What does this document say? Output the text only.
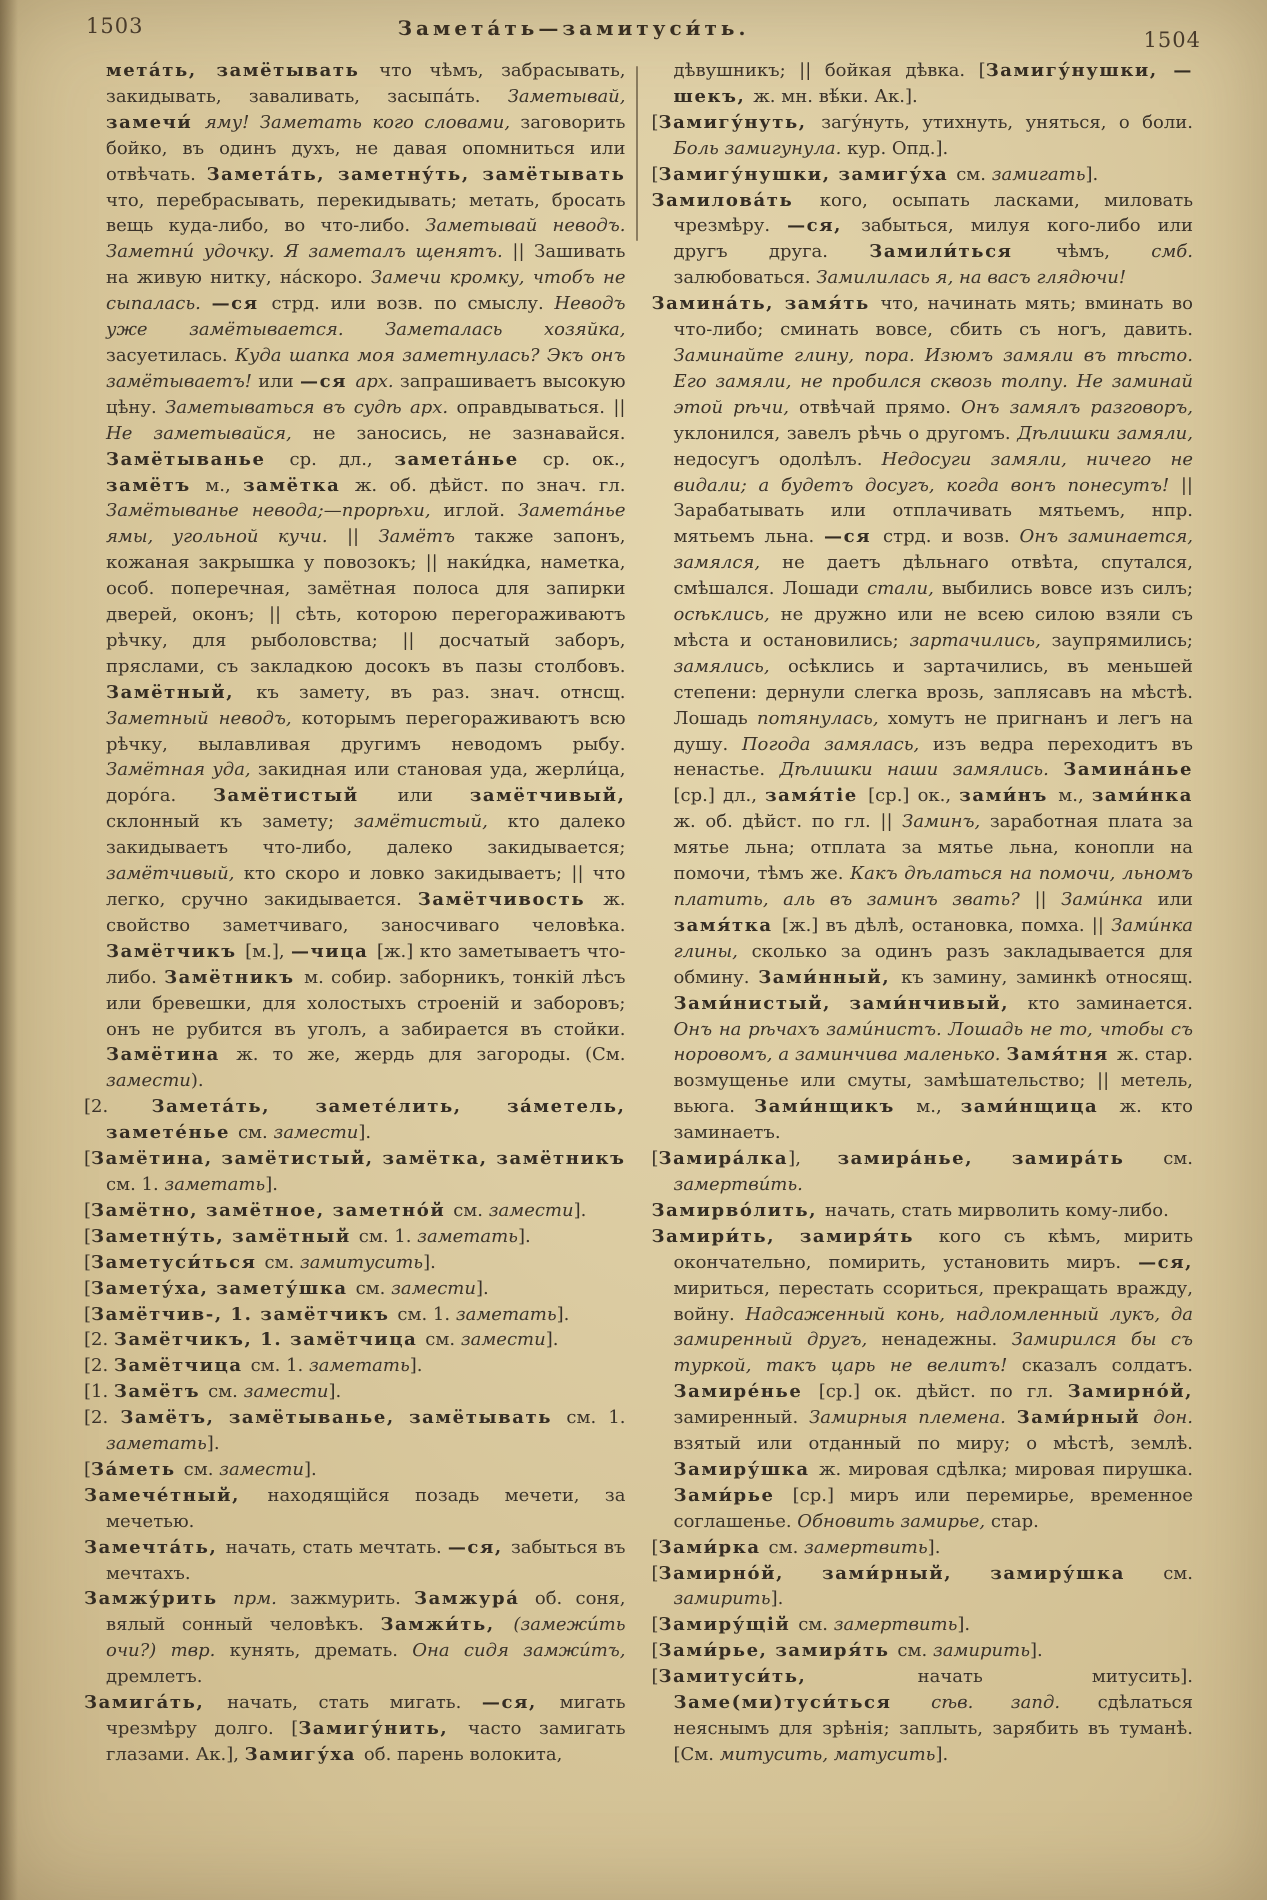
1503	Замета́ть—замитуси́ть.	1504

мета́ть, замётывать что чѣмъ, забрасывать, закидывать, заваливать, засыпа́ть. Заметывай, замечи́ яму! Заметать кого словами, заговорить бойко, въ одинъ духъ, не давая опомниться или отвѣчать. Замета́ть, заметну́ть, замётывать что, перебрасывать, перекидывать; метать, бросать вещь куда-либо, во что-либо. Заметывай неводъ. Заметни́ удочку. Я заметалъ щенятъ. || Зашивать на живую нитку, на́скоро. Замечи кромку, чтобъ не сыпалась. —ся стрд. или возв. по смыслу. Неводъ уже замётывается. Заметалась хозяйка, засуетилась. Куда шапка моя заметнулась? Экъ онъ замётываетъ! или —ся арх. запрашиваетъ высокую цѣну. Заметываться въ судѣ арх. оправдываться. || Не заметывайся, не заносись, не зазнавайся. Замётыванье ср. дл., замета́нье ср. ок., замётъ м., замётка ж. об. дѣйст. по знач. гл. Замётыванье невода;—прорѣхи, иглой. Замета́нье ямы, угольной кучи. || Замётъ также запонъ, кожаная закрышка у повозокъ; || наки́дка, наметка, особ. поперечная, замётная полоса для запирки дверей, оконъ; || сѣть, которою перегораживаютъ рѣчку, для рыболовства; || досчатый заборъ, пряслами, съ закладкою досокъ въ пазы столбовъ. Замётный, къ замету, въ раз. знач. отнсщ. Заметный неводъ, которымъ перегораживаютъ всю рѣчку, вылавливая другимъ неводомъ рыбу. Замётная уда, закидная или становая уда, жерли́ца, доро́га. Замётистый или замётчивый, склонный къ замету; замётистый, кто далеко закидываетъ что-либо, далеко закидывается; замётчивый, кто скоро и ловко закидываетъ; || что легко, сручно закидывается. Замётчивость ж. свойство заметчиваго, заносчиваго человѣка. Замётчикъ [м.], —чица [ж.] кто заметываетъ что-либо. Замётникъ м. собир. заборникъ, тонкій лѣсъ или бревешки, для холостыхъ строеній и заборовъ; онъ не рубится въ уголъ, а забирается въ стойки. Замётина ж. то же, жердь для загороды. (См. замести).

[2. Замета́ть, замете́лить, за́метель, замете́нье см. замести].

[Замётина, замётистый, замётка, замётникъ см. 1. заметать].

[Замётно, замётное, заметно́й см. замести].

[Заметну́ть, замётный см. 1. заметать].

[Заметуси́ться см. замитусить].

[Замету́ха, замету́шка см. замести].

[Замётчив-, 1. замётчикъ см. 1. заметать].

[2. Замётчикъ, 1. замётчица см. замести].

[2. Замётчица см. 1. заметать].

[1. Замётъ см. замести].

[2. Замётъ, замётыванье, замётывать см. 1. заметать].

[За́меть см. замести].

Замече́тный, находящійся позадь мечети, за мечетью.

Замечта́ть, начать, стать мечтать. —ся, забыться въ мечтахъ.

Замжу́рить прм. зажмурить. Замжура́ об. соня, вялый сонный человѣкъ. Замжи́ть, (замежи́ть очи?) твр. кунять, дремать. Она сидя замжи́тъ, дремлетъ.

Замига́ть, начать, стать мигать. —ся, мигать чрезмѣру долго. [Замигу́нить, часто замигать глазами. Ак.], Замигу́ха об. парень волокита,

дѣвушникъ; || бойкая дѣвка. [Замигу́нушки, —шекъ, ж. мн. вѣ́ки. Ак.].

[Замигу́нуть, загу́нуть, утихнуть, уняться, о боли. Боль замигунула. кур. Опд.].

[Замигу́нушки, замигу́ха см. замигать].

Замилова́ть кого, осыпать ласками, миловать чрезмѣру. —ся, забыться, милуя кого-либо или другъ друга. Замили́ться чѣмъ, смб. залюбоваться. Замилилась я, на васъ глядючи!

Замина́ть, замя́ть что, начинать мять; вминать во что-либо; сминать вовсе, сбить съ ногъ, давить. Заминайте глину, пора. Изюмъ замяли въ тѣсто. Его замяли, не пробился сквозь толпу. Не заминай этой рѣчи, отвѣчай прямо. Онъ замялъ разговоръ, уклонился, завелъ рѣчь о другомъ. Дѣлишки замяли, недосугъ одолѣлъ. Недосуги замяли, ничего не видали; а будетъ досугъ, когда вонъ понесутъ! || Зарабатывать или отплачивать мятьемъ, нпр. мятьемъ льна. —ся стрд. и возв. Онъ заминается, замялся, не даетъ дѣльнаго отвѣта, спутался, смѣшался. Лошади стали, выбились вовсе изъ силъ; осѣклись, не дружно или не всею силою взяли съ мѣста и остановились; зартачились, заупрямились; замялись, осѣклись и зартачились, въ меньшей степени: дернули слегка врозь, заплясавъ на мѣстѣ. Лошадь потянулась, хомутъ не пригнанъ и легъ на душу. Погода замялась, изъ ведра переходитъ въ ненастье. Дѣлишки наши замялись. Замина́нье [ср.] дл., замя́тіе [ср.] ок., зами́нъ м., зами́нка ж. об. дѣйст. по гл. || Заминъ, заработная плата за мятье льна; отплата за мятье льна, конопли на помочи, тѣмъ же. Какъ дѣлаться на помочи, льномъ платить, аль въ заминъ звать? || Зами́нка или замя́тка [ж.] въ дѣлѣ, остановка, помха. || Зами́нка глины, сколько за одинъ разъ закладывается для обмину. Зами́нный, къ замину, заминкѣ относящ. Зами́нистый, зами́нчивый, кто заминается. Онъ на рѣчахъ зами́нистъ. Лошадь не то, чтобы съ норовомъ, а заминчива маленько. Замя́тня ж. стар. возмущенье или смуты, замѣшательство; || метель, вьюга. Зами́нщикъ м., зами́нщица ж. кто заминаетъ.

[Замира́лка], замира́нье, замира́ть см. замертви́ть.

Замирво́лить, начать, стать мирволить кому-либо.

Замири́ть, замиря́ть кого съ кѣмъ, мирить окончательно, помирить, установить миръ. —ся, мириться, перестать ссориться, прекращать вражду, войну. Надсаженный конь, надломленный лукъ, да замиренный другъ, ненадежны. Замирился бы съ туркой, такъ царь не велитъ! сказалъ солдатъ. Замире́нье [ср.] ок. дѣйст. по гл. Замирно́й, замиренный. Замирныя племена. Зами́рный дон. взятый или отданный по миру; о мѣстѣ, землѣ. Замиру́шка ж. мировая сдѣлка; мировая пирушка. Зами́рье [ср.] миръ или перемирье, временное соглашенье. Обновить замирье, стар.

[Зами́рка см. замертвить].

[Замирно́й, зами́рный, замиру́шка см. замирить].

[Замиру́щій см. замертвить].

[Зами́рье, замиря́ть см. замирить].

[Замитуси́ть, начать митусить]. Заме(ми)туси́ться сѣв. запд. сдѣлаться неяснымъ для зрѣнія; заплыть, зарябить въ туманѣ. [См. митусить, матусить].
